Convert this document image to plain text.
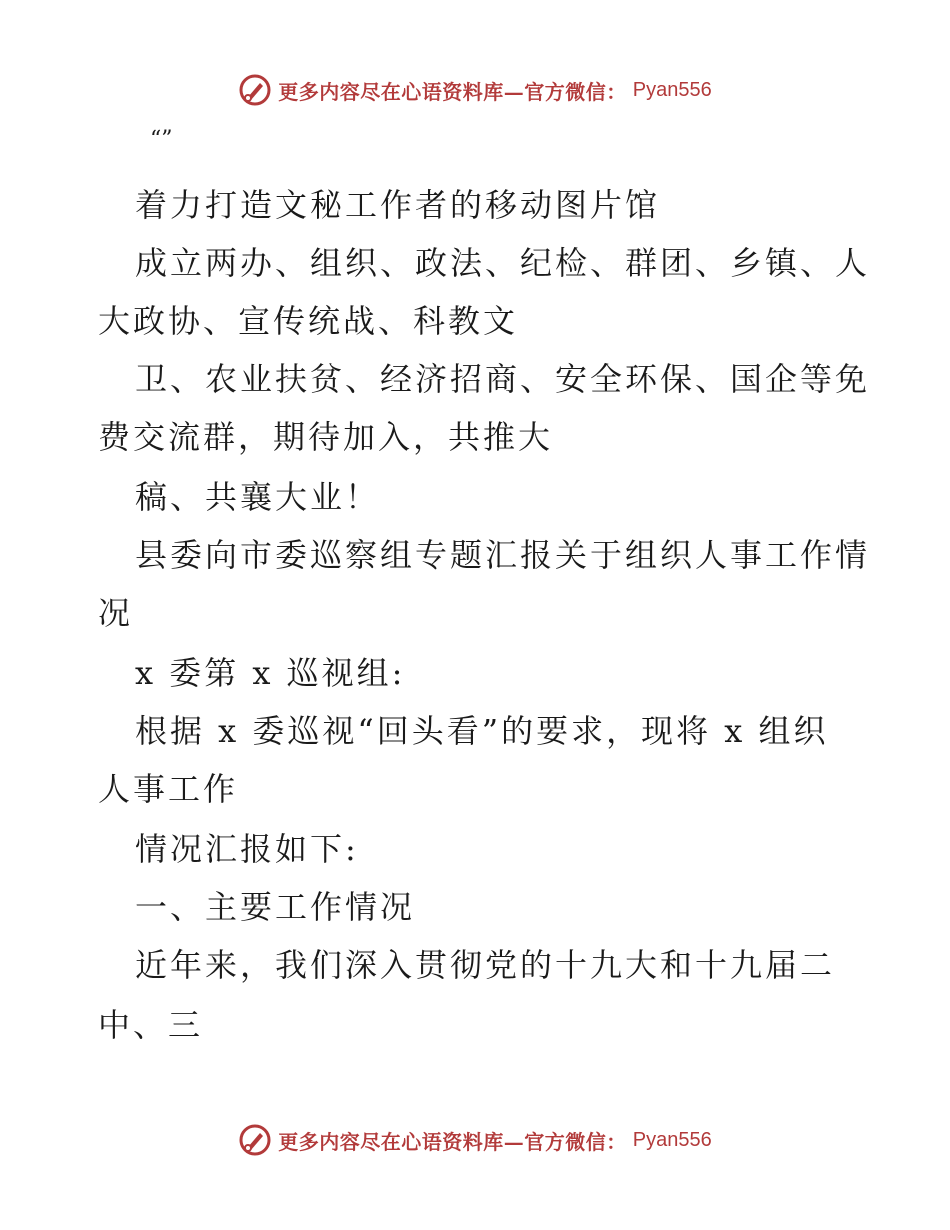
更多内容尽在心语资料库—官方微信： Pyan556
“”
着力打造文秘工作者的移动图片馆
成立两办、组织、政法、纪检、群团、乡镇、人
大政协、宣传统战、科教文
卫、农业扶贫、经济招商、安全环保、国企等免
费交流群，期待加入，共推大
稿、共襄大业！
县委向市委巡察组专题汇报关于组织人事工作情
况
x 委第 x 巡视组:
根据 x 委巡视“回头看”的要求，现将 x 组织
人事工作
情况汇报如下:
一、主要工作情况
近年来，我们深入贯彻党的十九大和十九届二
中、三
更多内容尽在心语资料库—官方微信： Pyan556
